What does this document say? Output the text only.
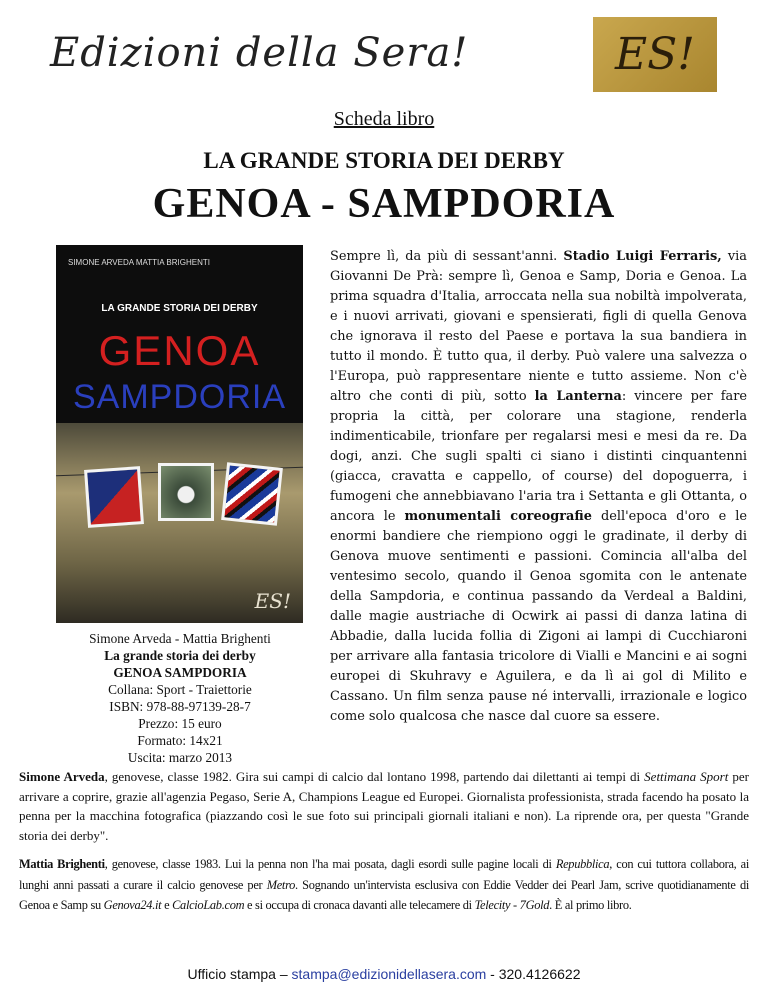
Edizioni della Sera!	ES!
Scheda libro
LA GRANDE STORIA DEI DERBY
GENOA - SAMPDORIA
SIMONE ARVEDA MATTIA BRIGHENTI
LA GRANDE STORIA DEI DERBY
GENOA
SAMPDORIA
ES!
Simone Arveda - Mattia Brighenti
La grande storia dei derby
GENOA SAMPDORIA
Collana: Sport - Traiettorie
ISBN: 978-88-97139-28-7
Prezzo: 15 euro
Formato: 14x21
Uscita: marzo 2013
Sempre lì, da più di sessant'anni. Stadio Luigi Ferraris, via Giovanni De Prà: sempre lì, Genoa e Samp, Doria e Genoa. La prima squadra d'Italia, arroccata nella sua nobiltà impolverata, e i nuovi arrivati, giovani e spensierati, figli di quella Genova che ignorava il resto del Paese e portava la sua bandiera in tutto il mondo. È tutto qua, il derby. Può valere una salvezza o l'Europa, può rappresentare niente e tutto assieme. Non c'è altro che conti di più, sotto la Lanterna: vincere per fare propria la città, per colorare una stagione, renderla indimenticabile, trionfare per regalarsi mesi e mesi da re. Da dogi, anzi. Che sugli spalti ci siano i distinti cinquantenni (giacca, cravatta e cappello, of course) del dopoguerra, i fumogeni che annebbiavano l'aria tra i Settanta e gli Ottanta, o ancora le monumentali coreografie dell'epoca d'oro e le enormi bandiere che riempiono oggi le gradinate, il derby di Genova muove sentimenti e passioni. Comincia all'alba del ventesimo secolo, quando il Genoa sgomita con le antenate della Sampdoria, e continua passando da Verdeal a Baldini, dalle magie austriache di Ocwirk ai passi di danza latina di Abbadie, dalla lucida follia di Zigoni ai lampi di Cucchiaroni per arrivare alla fantasia tricolore di Vialli e Mancini e ai sogni europei di Skuhravy e Aguilera, e da lì ai gol di Milito e Cassano. Un film senza pause né intervalli, irrazionale e logico come solo qualcosa che nasce dal cuore sa essere.
Simone Arveda, genovese, classe 1982. Gira sui campi di calcio dal lontano 1998, partendo dai dilettanti ai tempi di Settimana Sport per arrivare a coprire, grazie all'agenzia Pegaso, Serie A, Champions League ed Europei. Giornalista professionista, strada facendo ha posato la penna per la macchina fotografica (piazzando così le sue foto sui principali giornali italiani e non). La riprende ora, per questa "Grande storia dei derby".
Mattia Brighenti, genovese, classe 1983. Lui la penna non l'ha mai posata, dagli esordi sulle pagine locali di Repubblica, con cui tuttora collabora, ai lunghi anni passati a curare il calcio genovese per Metro. Sognando un'intervista esclusiva con Eddie Vedder dei Pearl Jam, scrive quotidianamente di Genoa e Samp su Genova24.it e CalcioLab.com e si occupa di cronaca davanti alle telecamere di Telecity - 7Gold. È al primo libro.
Ufficio stampa – stampa@edizionidellasera.com - 320.4126622
